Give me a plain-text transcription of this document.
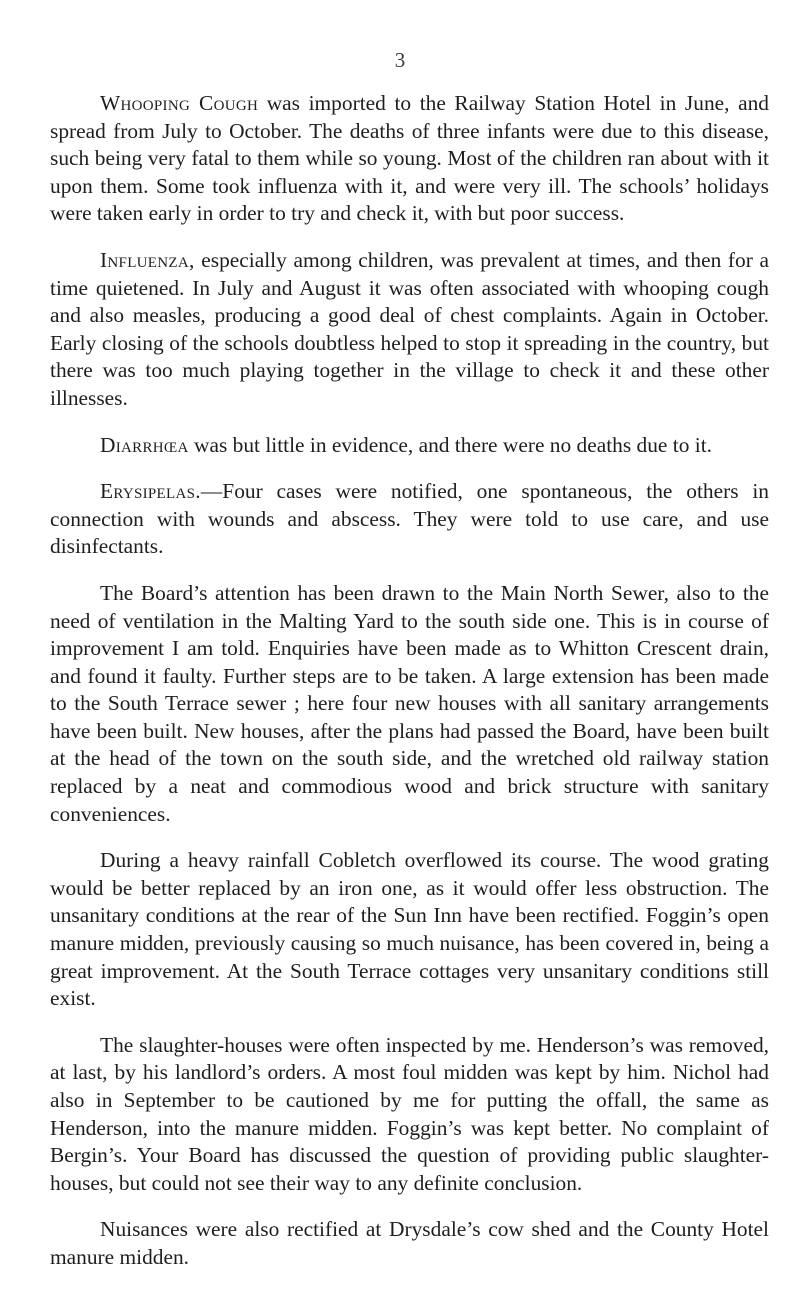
3

Whooping Cough was imported to the Railway Station Hotel in June, and spread from July to October. The deaths of three infants were due to this disease, such being very fatal to them while so young. Most of the children ran about with it upon them. Some took influenza with it, and were very ill. The schools’ holidays were taken early in order to try and check it, with but poor success.

Influenza, especially among children, was prevalent at times, and then for a time quietened. In July and August it was often associated with whooping cough and also measles, producing a good deal of chest complaints. Again in October. Early closing of the schools doubtless helped to stop it spreading in the country, but there was too much playing together in the village to check it and these other illnesses.

Diarrhœa was but little in evidence, and there were no deaths due to it.

Erysipelas.—Four cases were notified, one spontaneous, the others in connection with wounds and abscess. They were told to use care, and use disinfectants.

The Board’s attention has been drawn to the Main North Sewer, also to the need of ventilation in the Malting Yard to the south side one. This is in course of improvement I am told. Enquiries have been made as to Whitton Crescent drain, and found it faulty. Further steps are to be taken. A large extension has been made to the South Terrace sewer ; here four new houses with all sanitary arrangements have been built. New houses, after the plans had passed the Board, have been built at the head of the town on the south side, and the wretched old railway station replaced by a neat and commodious wood and brick structure with sanitary conveniences.

During a heavy rainfall Cobletch overflowed its course. The wood grating would be better replaced by an iron one, as it would offer less obstruction. The unsanitary conditions at the rear of the Sun Inn have been rectified. Foggin’s open manure midden, previously causing so much nuisance, has been covered in, being a great improvement. At the South Terrace cottages very unsanitary conditions still exist.

The slaughter-houses were often inspected by me. Henderson’s was removed, at last, by his landlord’s orders. A most foul midden was kept by him. Nichol had also in September to be cautioned by me for putting the offall, the same as Henderson, into the manure midden. Foggin’s was kept better. No complaint of Bergin’s. Your Board has discussed the question of providing public slaughter-houses, but could not see their way to any definite conclusion.

Nuisances were also rectified at Drysdale’s cow shed and the County Hotel manure midden.
